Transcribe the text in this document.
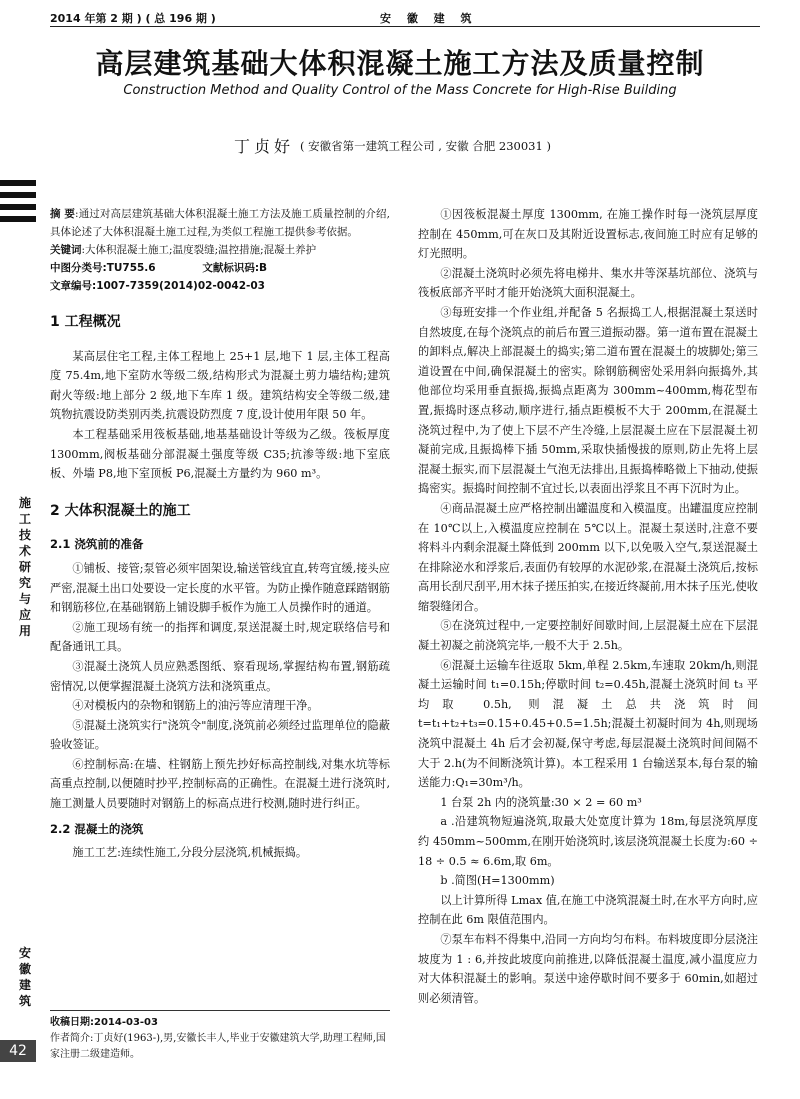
2014 年第 2 期 ) ( 总 196 期 )	安 徽 建 筑
高层建筑基础大体积混凝土施工方法及质量控制
Construction Method and Quality Control of the Mass Concrete for High-Rise Building
丁贞好 ( 安徽省第一建筑工程公司 , 安徽 合肥 230031 )
施工技术研究与应用
安徽建筑
42

摘 要:通过对高层建筑基础大体积混凝土施工方法及施工质量控制的介绍,具体论述了大体积混凝土施工过程,为类似工程施工提供参考依据。

关键词:大体积混凝土施工;温度裂缝;温控措施;混凝土养护

中图分类号:TU755.6	文献标识码:B

文章编号:1007-7359(2014)02-0042-03

1 工程概况

某高层住宅工程,主体工程地上 25+1 层,地下 1 层,主体工程高度 75.4m,地下室防水等级二级,结构形式为混凝土剪力墙结构;建筑耐火等级:地上部分 2 级,地下车库 1 级。建筑结构安全等级二级,建筑物抗震设防类别丙类,抗震设防烈度 7 度,设计使用年限 50 年。

本工程基础采用筏板基础,地基基础设计等级为乙级。筏板厚度 1300mm,阀板基础分部混凝土强度等级 C35;抗渗等级:地下室底板、外墙 P8,地下室顶板 P6,混凝土方量约为 960 m³。

2 大体积混凝土的施工
2.1 浇筑前的准备

①铺板、接管;泵管必须牢固架设,输送管线宜直,转弯宜缓,接头应严密,混凝土出口处要设一定长度的水平管。为防止操作随意踩踏钢筋和钢筋移位,在基础钢筋上铺设脚手板作为施工人员操作时的通道。

②施工现场有统一的指挥和调度,泵送混凝土时,规定联络信号和配备通讯工具。

③混凝土浇筑人员应熟悉图纸、察看现场,掌握结构布置,钢筋疏密情况,以便掌握混凝土浇筑方法和浇筑重点。

④对模板内的杂物和钢筋上的油污等应清理干净。

⑤混凝土浇筑实行"浇筑令"制度,浇筑前必须经过监理单位的隐蔽验收签证。

⑥控制标高:在墙、柱钢筋上预先抄好标高控制线,对集水坑等标高重点控制,以便随时抄平,控制标高的正确性。在混凝土进行浇筑时,施工测量人员要随时对钢筋上的标高点进行校测,随时进行纠正。

2.2 混凝土的浇筑

施工工艺:连续性施工,分段分层浇筑,机械振捣。

①因筏板混凝土厚度 1300mm, 在施工操作时每一浇筑层厚度控制在 450mm,可在灰口及其附近设置标志,夜间施工时应有足够的灯光照明。

②混凝土浇筑时必须先将电梯井、集水井等深基坑部位、浇筑与筏板底部齐平时才能开始浇筑大面积混凝土。

③每班安排一个作业组,并配备 5 名振捣工人,根据混凝土泵送时自然坡度,在每个浇筑点的前后布置三道振动器。第一道布置在混凝土的卸料点,解决上部混凝土的捣实;第二道布置在混凝土的坡脚处;第三道设置在中间,确保混凝土的密实。除钢筋稠密处采用斜向振捣外,其他部位均采用垂直振捣,振捣点距离为 300mm~400mm,梅花型布置,振捣时逐点移动,顺序进行,插点距模板不大于 200mm,在混凝土浇筑过程中,为了使上下层不产生冷缝,上层混凝土应在下层混凝土初凝前完成,且振捣棒下插 50mm,采取快插慢拔的原则,防止先将上层混凝土振实,而下层混凝土气泡无法排出,且振捣棒略微上下抽动,使振捣密实。振捣时间控制不宜过长,以表面出浮浆且不再下沉时为止。

④商品混凝土应严格控制出罐温度和入模温度。出罐温度应控制在 10℃以上,入模温度应控制在 5℃以上。混凝土泵送时,注意不要将料斗内剩余混凝土降低到 200mm 以下,以免吸入空气,泵送混凝土在排除泌水和浮浆后,表面仍有较厚的水泥砂浆,在混凝土浇筑后,按标高用长刮尺刮平,用木抹子搓压拍实,在接近终凝前,用木抹子压光,使收缩裂缝闭合。

⑤在浇筑过程中,一定要控制好间歇时间,上层混凝土应在下层混凝土初凝之前浇筑完毕,一般不大于 2.5h。

⑥混凝土运输车往返取 5km,单程 2.5km,车速取 20km/h,则混凝土运输时间 t₁=0.15h;停歇时间 t₂=0.45h,混凝土浇筑时间 t₃ 平均取 0.5h, 则混凝土总共浇筑时间 t=t₁+t₂+t₃=0.15+0.45+0.5=1.5h;混凝土初凝时间为 4h,则现场浇筑中混凝土 4h 后才会初凝,保守考虑,每层混凝土浇筑时间间隔不大于 2.h(为不间断浇筑计算)。本工程采用 1 台输送泵本,每台泵的输送能力:Q₁=30m³/h。

1 台泵 2h 内的浇筑量:30 × 2 = 60 m³

a .沿建筑物短遍浇筑,取最大处宽度计算为 18m,每层浇筑厚度约 450mm~500mm,在刚开始浇筑时,该层浇筑混凝土长度为:60 ÷ 18 ÷ 0.5 ≈ 6.6m,取 6m。

b .简图(H=1300mm)

以上计算所得 Lmax 值,在施工中浇筑混凝土时,在水平方向时,应控制在此 6m 限值范围内。

⑦泵车布料不得集中,沿同一方向均匀布料。布料坡度即分层浇注坡度为 1 : 6,并按此坡度向前推进,以降低混凝土温度,减小温度应力对大体积混凝土的影响。泵送中途停歇时间不要多于 60min,如超过则必须清管。

收稿日期:2014-03-03

作者简介:丁贞好(1963-),男,安徽长丰人,毕业于安徽建筑大学,助理工程师,国家注册二级建造师。
